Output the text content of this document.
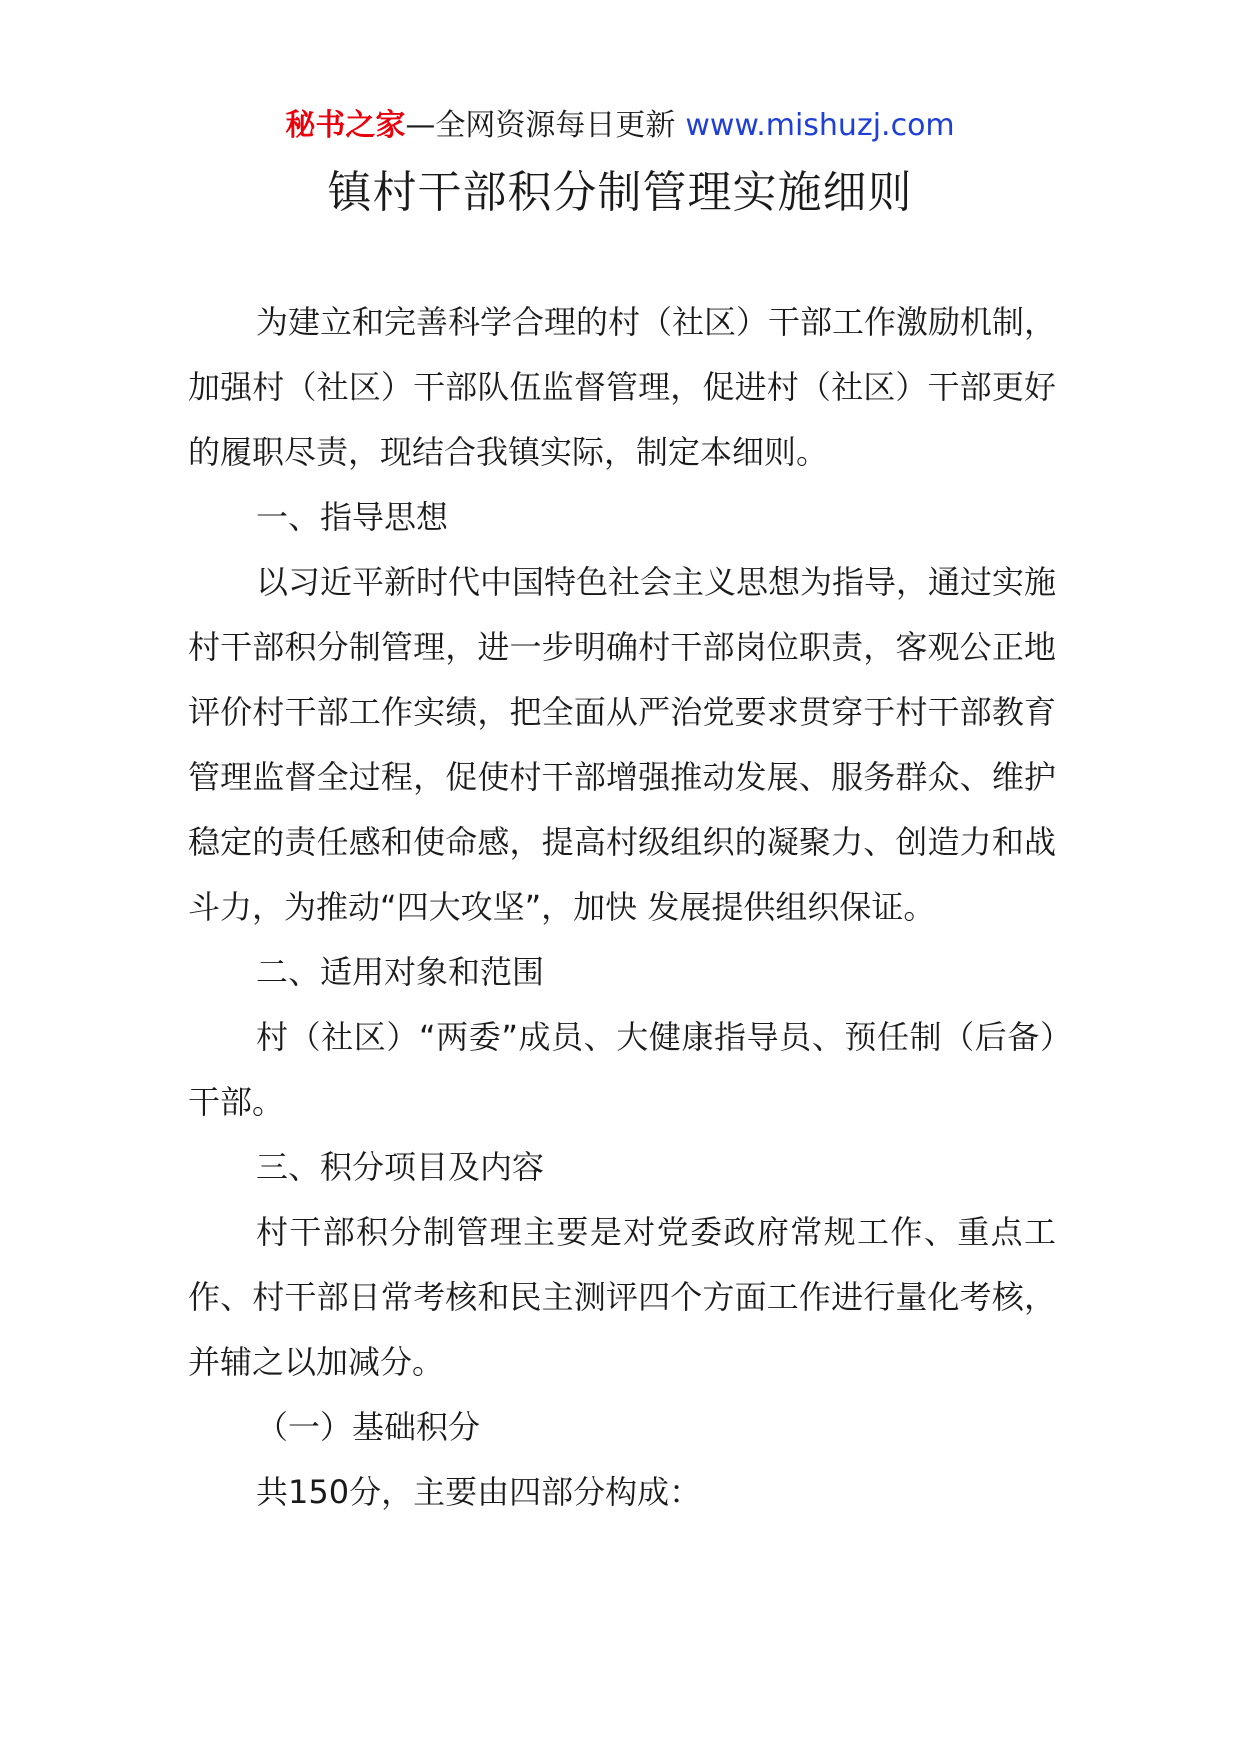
秘书之家—全网资源每日更新 www.mishuzj.com
镇村干部积分制管理实施细则

为建立和完善科学合理的村（社区）干部工作激励机制，加强村（社区）干部队伍监督管理，促进村（社区）干部更好的履职尽责，现结合我镇实际，制定本细则。

一、指导思想

以习近平新时代中国特色社会主义思想为指导，通过实施村干部积分制管理，进一步明确村干部岗位职责，客观公正地评价村干部工作实绩，把全面从严治党要求贯穿于村干部教育管理监督全过程，促使村干部增强推动发展、服务群众、维护稳定的责任感和使命感，提高村级组织的凝聚力、创造力和战斗力，为推动“四大攻坚”，加快 发展提供组织保证。

二、适用对象和范围

村（社区）“两委”成员、大健康指导员、预任制（后备）干部。

三、积分项目及内容

村干部积分制管理主要是对党委政府常规工作、重点工作、村干部日常考核和民主测评四个方面工作进行量化考核，并辅之以加减分。

（一）基础积分

共150分，主要由四部分构成：
